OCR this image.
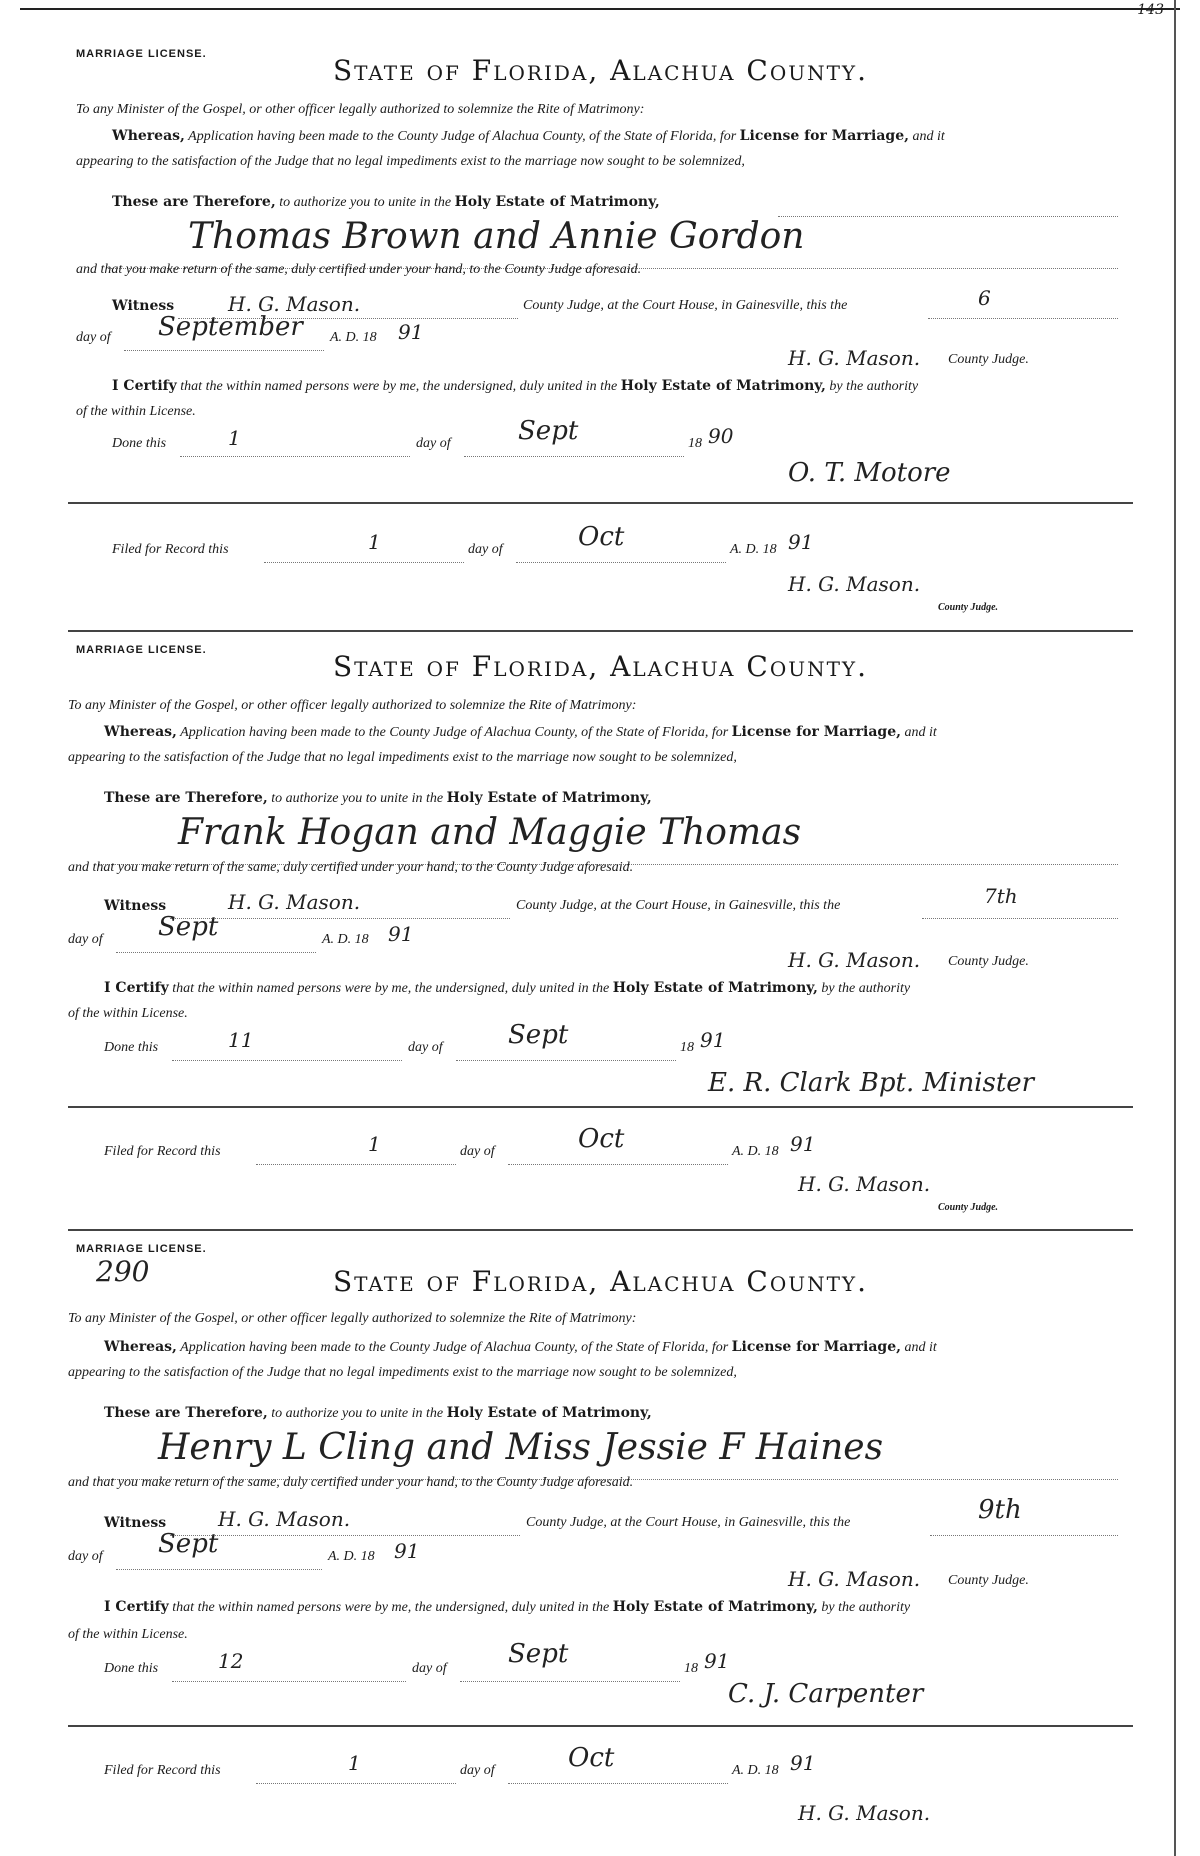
143
MARRIAGE LICENSE.	State of Florida, Alachua County.
To any Minister of the Gospel, or other officer legally authorized to solemnize the Rite of Matrimony:
Whereas, Application having been made to the County Judge of Alachua County, of the State of Florida, for License for Marriage, and it
appearing to the satisfaction of the Judge that no legal impediments exist to the marriage now sought to be solemnized,
These are Therefore, to authorize you to unite in the Holy Estate of Matrimony,
Thomas Brown and Annie Gordon
and that you make return of the same, duly certified under your hand, to the County Judge aforesaid.
Witness	H. G. Mason.	County Judge, at the Court House, in Gainesville, this the	6
day of September A. D. 18 91
H. G. Mason. County Judge.
I Certify that the within named persons were by me, the undersigned, duly united in the Holy Estate of Matrimony, by the authority
of the within License.
Done this	1	day of	Sept	18 90
O. T. Motore
Filed for Record this	1	day of	Oct	A. D. 18 91
H. G. Mason.
County Judge.
MARRIAGE LICENSE.	State of Florida, Alachua County.
To any Minister of the Gospel, or other officer legally authorized to solemnize the Rite of Matrimony:
Whereas, Application having been made to the County Judge of Alachua County, of the State of Florida, for License for Marriage, and it
appearing to the satisfaction of the Judge that no legal impediments exist to the marriage now sought to be solemnized,
These are Therefore, to authorize you to unite in the Holy Estate of Matrimony,
Frank Hogan and Maggie Thomas
and that you make return of the same, duly certified under your hand, to the County Judge aforesaid.
Witness	H. G. Mason.	County Judge, at the Court House, in Gainesville, this the	7th
day of Sept	A. D. 18 91
H. G. Mason. County Judge.
I Certify that the within named persons were by me, the undersigned, duly united in the Holy Estate of Matrimony, by the authority
of the within License.
Done this	11	day of	Sept	18 91
E. R. Clark Bpt. Minister
Filed for Record this	1	day of	Oct	A. D. 18 91
H. G. Mason.
County Judge.
MARRIAGE LICENSE.
290	State of Florida, Alachua County.
To any Minister of the Gospel, or other officer legally authorized to solemnize the Rite of Matrimony:
Whereas, Application having been made to the County Judge of Alachua County, of the State of Florida, for License for Marriage, and it
appearing to the satisfaction of the Judge that no legal impediments exist to the marriage now sought to be solemnized,
These are Therefore, to authorize you to unite in the Holy Estate of Matrimony,
Henry L Cling and Miss Jessie F Haines
and that you make return of the same, duly certified under your hand, to the County Judge aforesaid.
Witness	H. G. Mason.	County Judge, at the Court House, in Gainesville, this the	9th
day of Sept	A. D. 18 91
H. G. Mason. County Judge.
I Certify that the within named persons were by me, the undersigned, duly united in the Holy Estate of Matrimony, by the authority
of the within License.
Done this	12	day of Sept	18 91
C. J. Carpenter
Filed for Record this	1	day of	Oct	A. D. 18 91
H. G. Mason.
